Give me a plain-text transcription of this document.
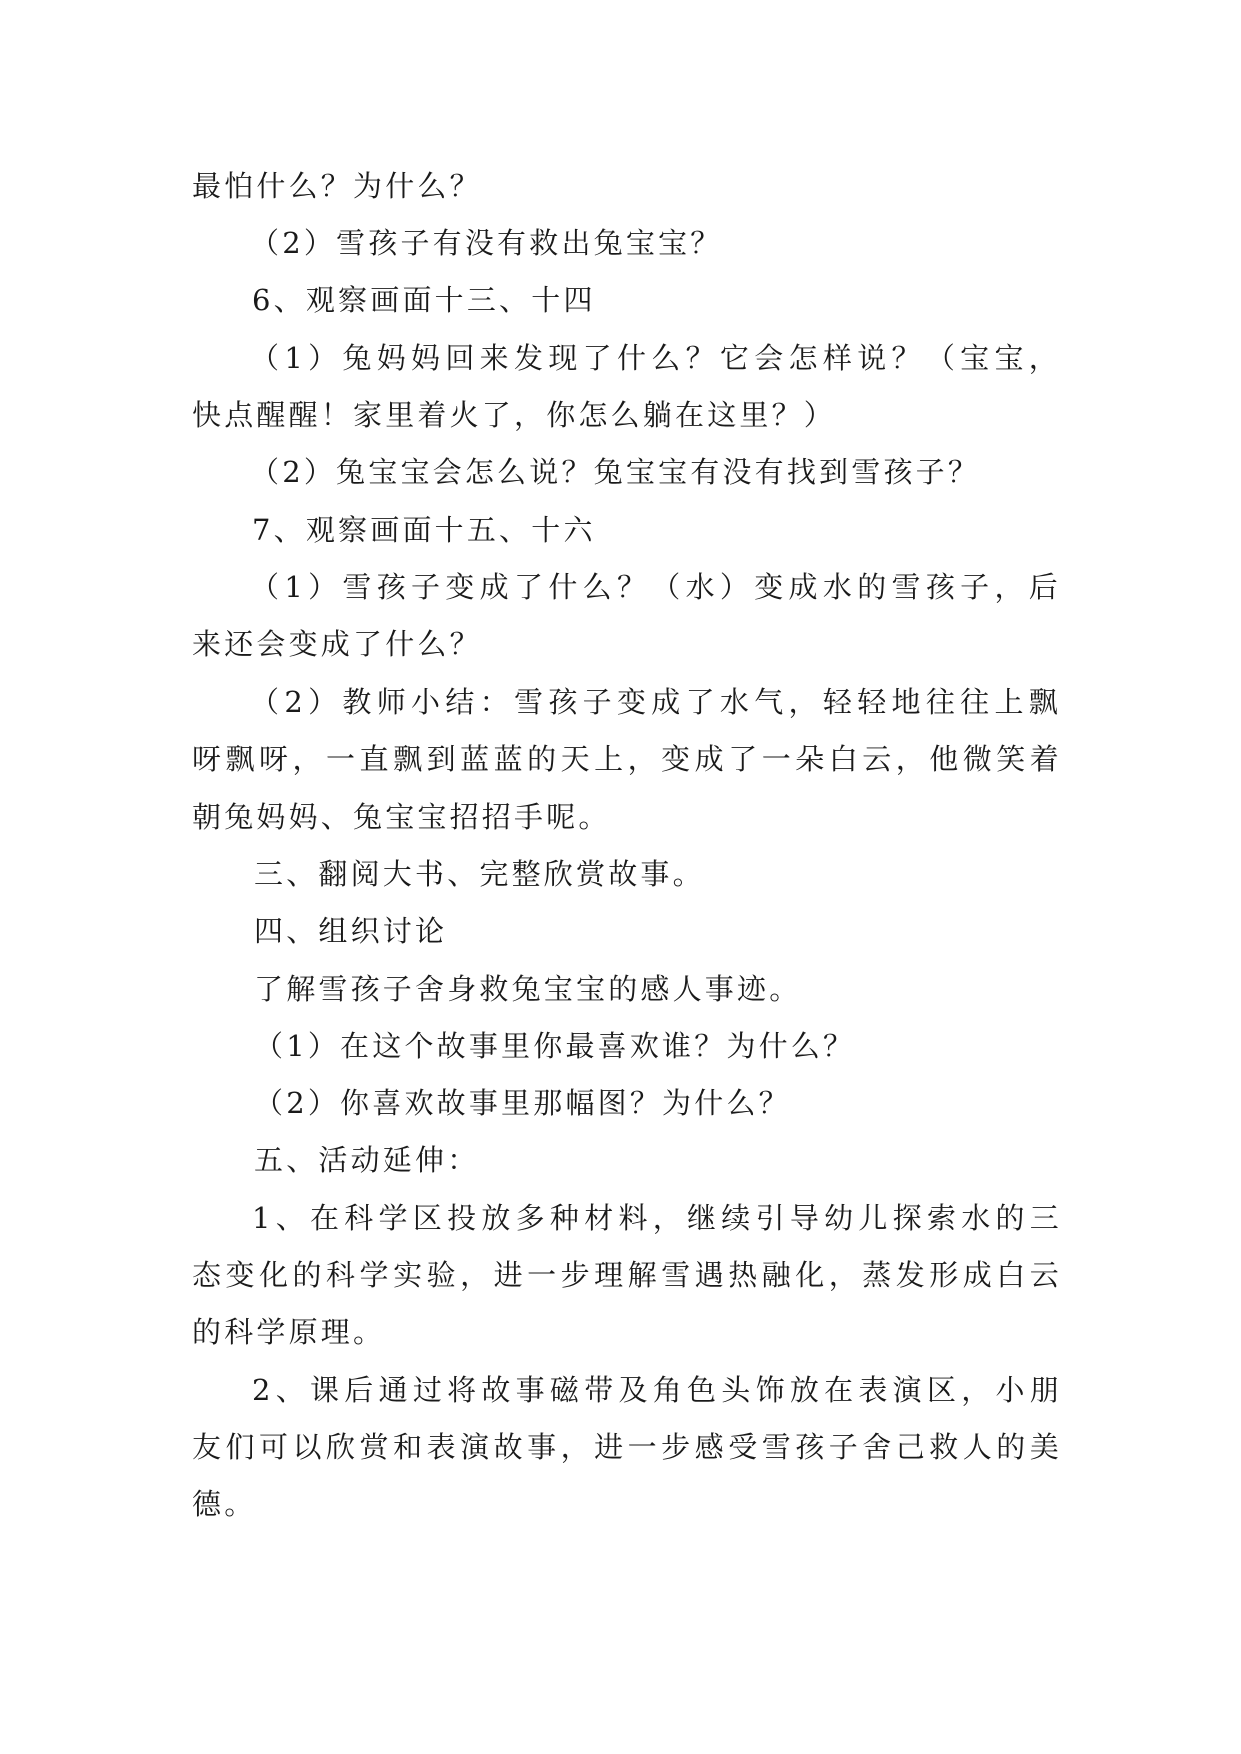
最怕什么？为什么？
（2）雪孩子有没有救出兔宝宝？
6、观察画面十三、十四
（1）兔妈妈回来发现了什么？它会怎样说？（宝宝，
快点醒醒！家里着火了，你怎么躺在这里？）
（2）兔宝宝会怎么说？兔宝宝有没有找到雪孩子？
7、观察画面十五、十六
（1）雪孩子变成了什么？（水）变成水的雪孩子，后
来还会变成了什么？
（2）教师小结：雪孩子变成了水气，轻轻地往往上飘
呀飘呀，一直飘到蓝蓝的天上，变成了一朵白云，他微笑着
朝兔妈妈、兔宝宝招招手呢。
三、翻阅大书、完整欣赏故事。
四、组织讨论
了解雪孩子舍身救兔宝宝的感人事迹。
（1）在这个故事里你最喜欢谁？为什么？
（2）你喜欢故事里那幅图？为什么？
五、活动延伸：
1、在科学区投放多种材料，继续引导幼儿探索水的三
态变化的科学实验，进一步理解雪遇热融化，蒸发形成白云
的科学原理。
2、课后通过将故事磁带及角色头饰放在表演区，小朋
友们可以欣赏和表演故事，进一步感受雪孩子舍己救人的美
德。
